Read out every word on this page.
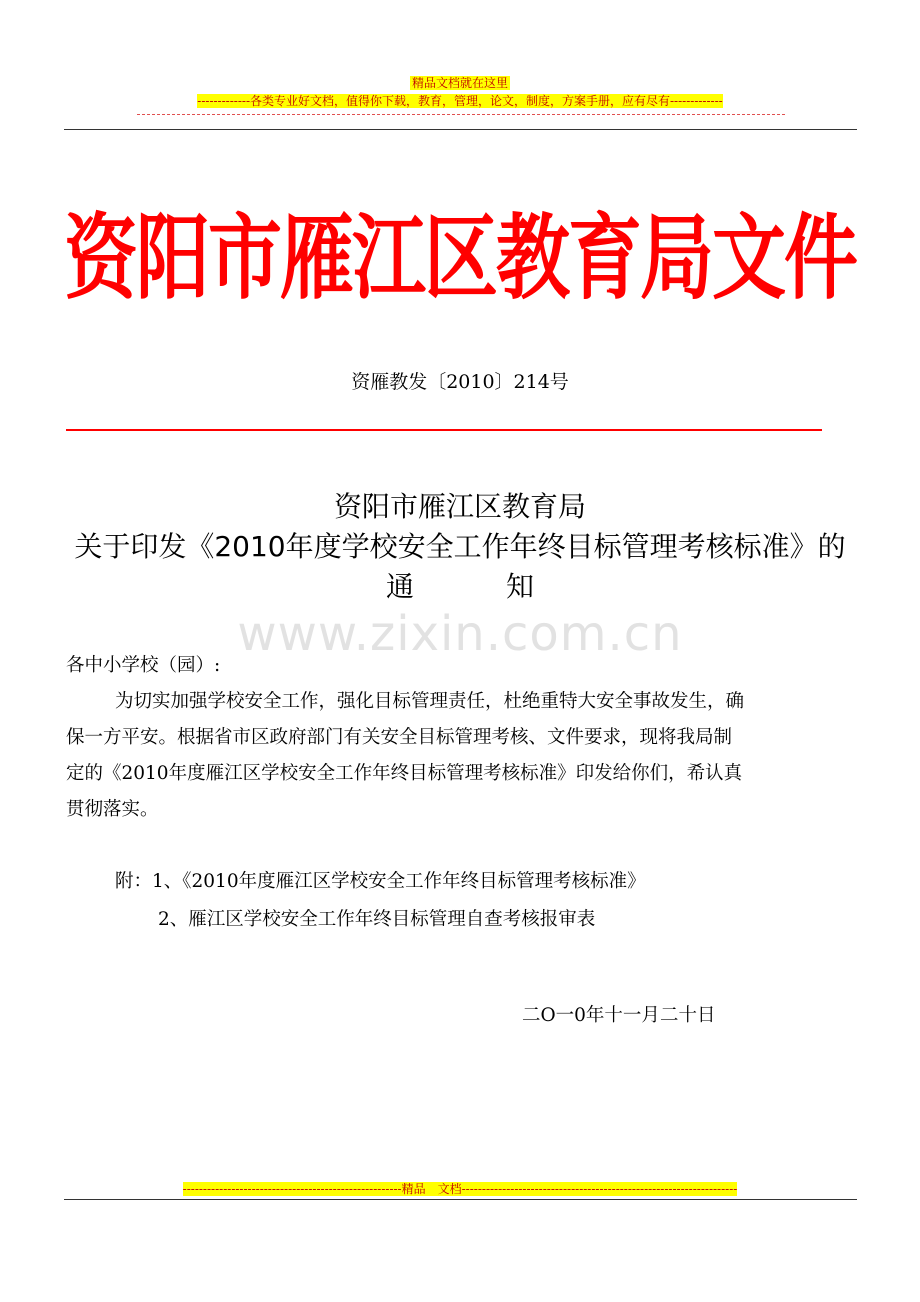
精品文档就在这里
-------------各类专业好文档，值得你下载，教育，管理，论文，制度，方案手册，应有尽有-------------
资阳市雁江区教育局文件
资雁教发〔2010〕214号
资阳市雁江区教育局
关于印发《2010年度学校安全工作年终目标管理考核标准》的
通	知
www.zixin.com.cn
各中小学校（园）:
为切实加强学校安全工作，强化目标管理责任，杜绝重特大安全事故发生，确
保一方平安。根据省市区政府部门有关安全目标管理考核、文件要求，现将我局制
定的《2010年度雁江区学校安全工作年终目标管理考核标准》印发给你们，希认真
贯彻落实。
附：1、《2010年度雁江区学校安全工作年终目标管理考核标准》
2、雁江区学校安全工作年终目标管理自查考核报审表
二O一0年十一月二十日
------------------------------------------------------精品　文档--------------------------------------------------------------------
